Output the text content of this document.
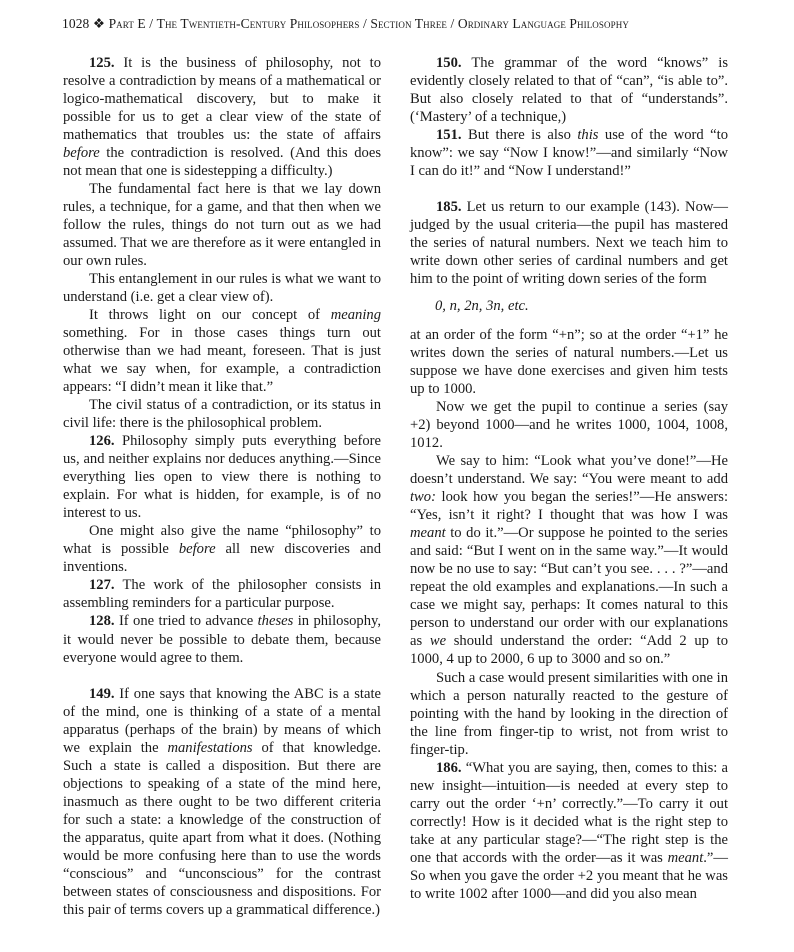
1028 ❖ Part E / The Twentieth-Century Philosophers / Section Three / Ordinary Language Philosophy

125. It is the business of philosophy, not to resolve a contradiction by means of a mathematical or logico-mathematical discovery, but to make it possible for us to get a clear view of the state of mathematics that troubles us: the state of affairs before the contradiction is resolved. (And this does not mean that one is sidestepping a difficulty.)

The fundamental fact here is that we lay down rules, a technique, for a game, and that then when we follow the rules, things do not turn out as we had assumed. That we are therefore as it were entangled in our own rules.

This entanglement in our rules is what we want to understand (i.e. get a clear view of).

It throws light on our concept of meaning something. For in those cases things turn out otherwise than we had meant, foreseen. That is just what we say when, for example, a contradiction appears: “I didn’t mean it like that.”

The civil status of a contradiction, or its status in civil life: there is the philosophical problem.

126. Philosophy simply puts everything before us, and neither explains nor deduces anything.—Since everything lies open to view there is nothing to explain. For what is hidden, for example, is of no interest to us.

One might also give the name “philosophy” to what is possible before all new discoveries and inventions.

127. The work of the philosopher consists in assembling reminders for a particular purpose.

128. If one tried to advance theses in philosophy, it would never be possible to debate them, because everyone would agree to them.

149. If one says that knowing the ABC is a state of the mind, one is thinking of a state of a mental apparatus (perhaps of the brain) by means of which we explain the manifestations of that knowledge. Such a state is called a disposition. But there are objections to speaking of a state of the mind here, inasmuch as there ought to be two different criteria for such a state: a knowledge of the construction of the apparatus, quite apart from what it does. (Nothing would be more confusing here than to use the words “conscious” and “unconscious” for the contrast between states of consciousness and dispositions. For this pair of terms covers up a grammatical difference.)

150. The grammar of the word “knows” is evidently closely related to that of “can”, “is able to”. But also closely related to that of “understands”. (‘Mastery’ of a technique,)

151. But there is also this use of the word “to know”: we say “Now I know!”—and similarly “Now I can do it!” and “Now I understand!”

185. Let us return to our example (143). Now—judged by the usual criteria—the pupil has mastered the series of natural numbers. Next we teach him to write down other series of cardinal numbers and get him to the point of writing down series of the form

0, n, 2n, 3n, etc.

at an order of the form “+n”; so at the order “+1” he writes down the series of natural numbers.—Let us suppose we have done exercises and given him tests up to 1000.

Now we get the pupil to continue a series (say +2) beyond 1000—and he writes 1000, 1004, 1008, 1012.

We say to him: “Look what you’ve done!”—He doesn’t understand. We say: “You were meant to add two: look how you began the series!”—He answers: “Yes, isn’t it right? I thought that was how I was meant to do it.”—Or suppose he pointed to the series and said: “But I went on in the same way.”—It would now be no use to say: “But can’t you see. . . . ?”—and repeat the old examples and explanations.—In such a case we might say, perhaps: It comes natural to this person to understand our order with our explanations as we should understand the order: “Add 2 up to 1000, 4 up to 2000, 6 up to 3000 and so on.”

Such a case would present similarities with one in which a person naturally reacted to the gesture of pointing with the hand by looking in the direction of the line from finger-tip to wrist, not from wrist to finger-tip.

186. “What you are saying, then, comes to this: a new insight—intuition—is needed at every step to carry out the order ‘+n’ correctly.”—To carry it out correctly! How is it decided what is the right step to take at any particular stage?—“The right step is the one that accords with the order—as it was meant.”— So when you gave the order +2 you meant that he was to write 1002 after 1000—and did you also mean
